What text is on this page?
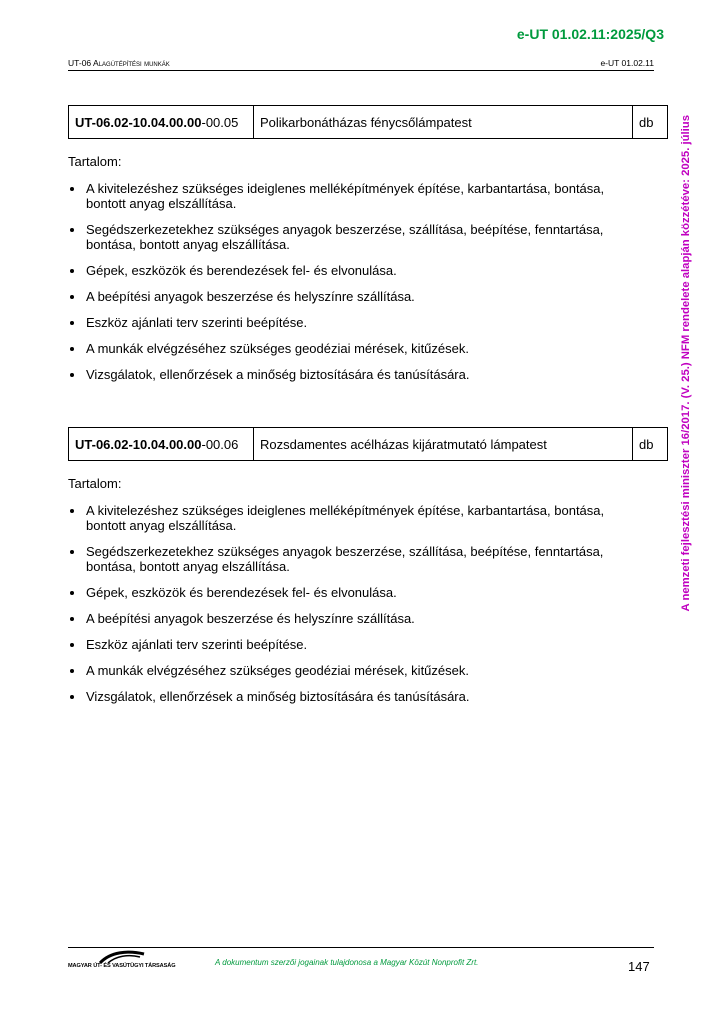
e-UT 01.02.11:2025/Q3
UT-06 Alagútépítési munkák	e-UT 01.02.11
A nemzeti fejlesztési miniszter 16/2017. (V. 25.) NFM rendelete alapján közzétéve: 2025. július
UT-06.02-10.04.00.00 -00.05	Polikarbonátházas fénycsőlámpatest	db

Tartalom:

A kivitelezéshez szükséges ideiglenes melléképítmények építése, karbantartása, bontása, bontott anyag elszállítása.
Segédszerkezetekhez szükséges anyagok beszerzése, szállítása, beépítése, fenntartása, bontása, bontott anyag elszállítása.
Gépek, eszközök és berendezések fel- és elvonulása.
A beépítési anyagok beszerzése és helyszínre szállítása.
Eszköz ajánlati terv szerinti beépítése.
A munkák elvégzéséhez szükséges geodéziai mérések, kitűzések.
Vizsgálatok, ellenőrzések a minőség biztosítására és tanúsítására.
UT-06.02-10.04.00.00 -00.06	Rozsdamentes acélházas kijáratmutató lámpatest	db

Tartalom:

A kivitelezéshez szükséges ideiglenes melléképítmények építése, karbantartása, bontása, bontott anyag elszállítása.
Segédszerkezetekhez szükséges anyagok beszerzése, szállítása, beépítése, fenntartása, bontása, bontott anyag elszállítása.
Gépek, eszközök és berendezések fel- és elvonulása.
A beépítési anyagok beszerzése és helyszínre szállítása.
Eszköz ajánlati terv szerinti beépítése.
A munkák elvégzéséhez szükséges geodéziai mérések, kitűzések.
Vizsgálatok, ellenőrzések a minőség biztosítására és tanúsítására.
MAGYAR ÚT- ÉS VASÚTÜGYI TÁRSASÁG	A dokumentum szerzői jogainak tulajdonosa a Magyar Közút Nonprofit Zrt.	147
